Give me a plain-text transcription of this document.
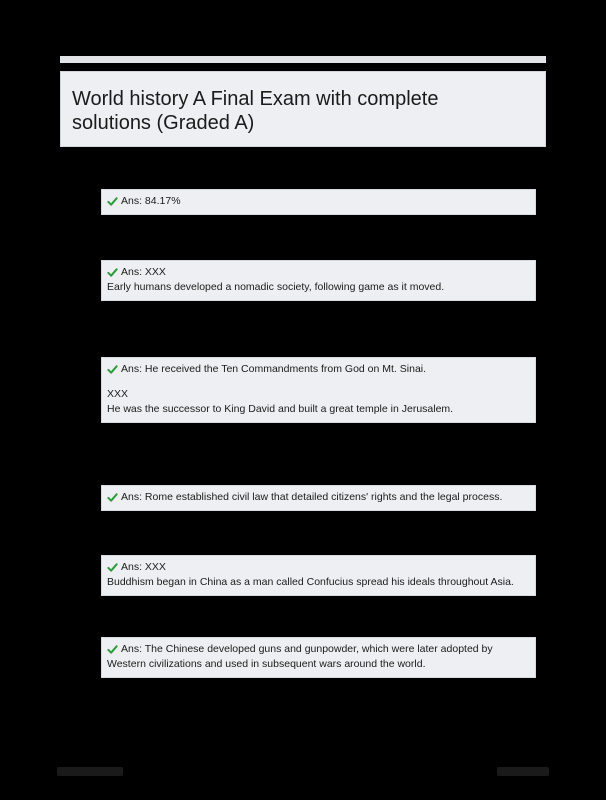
World history A Final Exam with complete
solutions (Graded A)
Ans: 84.17%
Ans: XXX
Early humans developed a nomadic society, following game as it moved.
Ans: He received the Ten Commandments from God on Mt. Sinai.
XXX
He was the successor to King David and built a great temple in Jerusalem.
Ans: Rome established civil law that detailed citizens' rights and the legal process.
Ans: XXX
Buddhism began in China as a man called Confucius spread his ideals throughout Asia.
Ans: The Chinese developed guns and gunpowder, which were later adopted by
Western civilizations and used in subsequent wars around the world.
